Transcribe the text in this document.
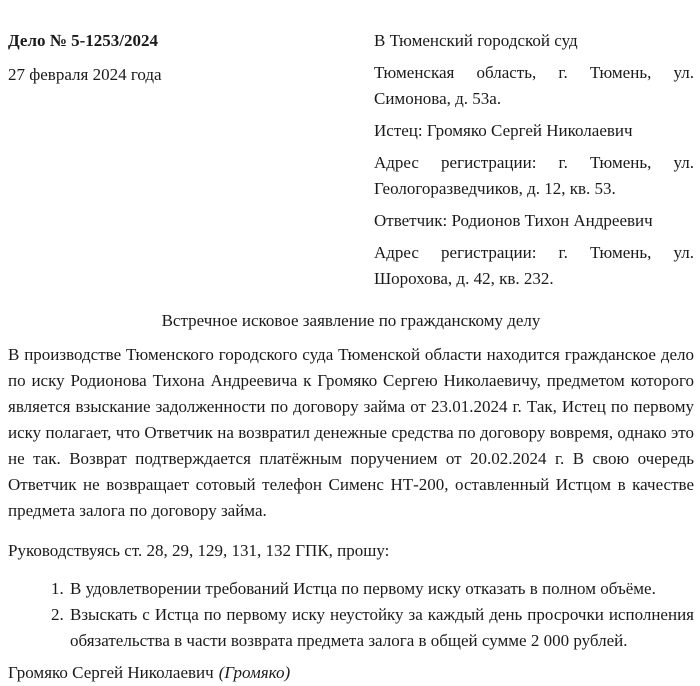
Дело № 5-1253/2024

27 февраля 2024 года

В Тюменский городской суд

Тюменская область, г. Тюмень, ул. Симонова, д. 53а.

Истец: Громяко Сергей Николаевич

Адрес регистрации: г. Тюмень, ул. Геологоразведчиков, д. 12, кв. 53.

Ответчик: Родионов Тихон Андреевич

Адрес регистрации: г. Тюмень, ул. Шорохова, д. 42, кв. 232.

Встречное исковое заявление по гражданскому делу

В производстве Тюменского городского суда Тюменской области находится гражданское дело по иску Родионова Тихона Андреевича к Громяко Сергею Николаевичу, предметом которого является взыскание задолженности по договору займа от 23.01.2024 г. Так, Истец по первому иску полагает, что Ответчик на возвратил денежные средства по договору вовремя, однако это не так. Возврат подтверждается платёжным поручением от 20.02.2024 г. В свою очередь Ответчик не возвращает сотовый телефон Сименс НТ-200, оставленный Истцом в качестве предмета залога по договору займа.

Руководствуясь ст. 28, 29, 129, 131, 132 ГПК, прошу:

1. В удовлетворении требований Истца по первому иску отказать в полном объёме.
2. Взыскать с Истца по первому иску неустойку за каждый день просрочки исполнения обязательства в части возврата предмета залога в общей сумме 2 000 рублей.

Громяко Сергей Николаевич (Громяко)
